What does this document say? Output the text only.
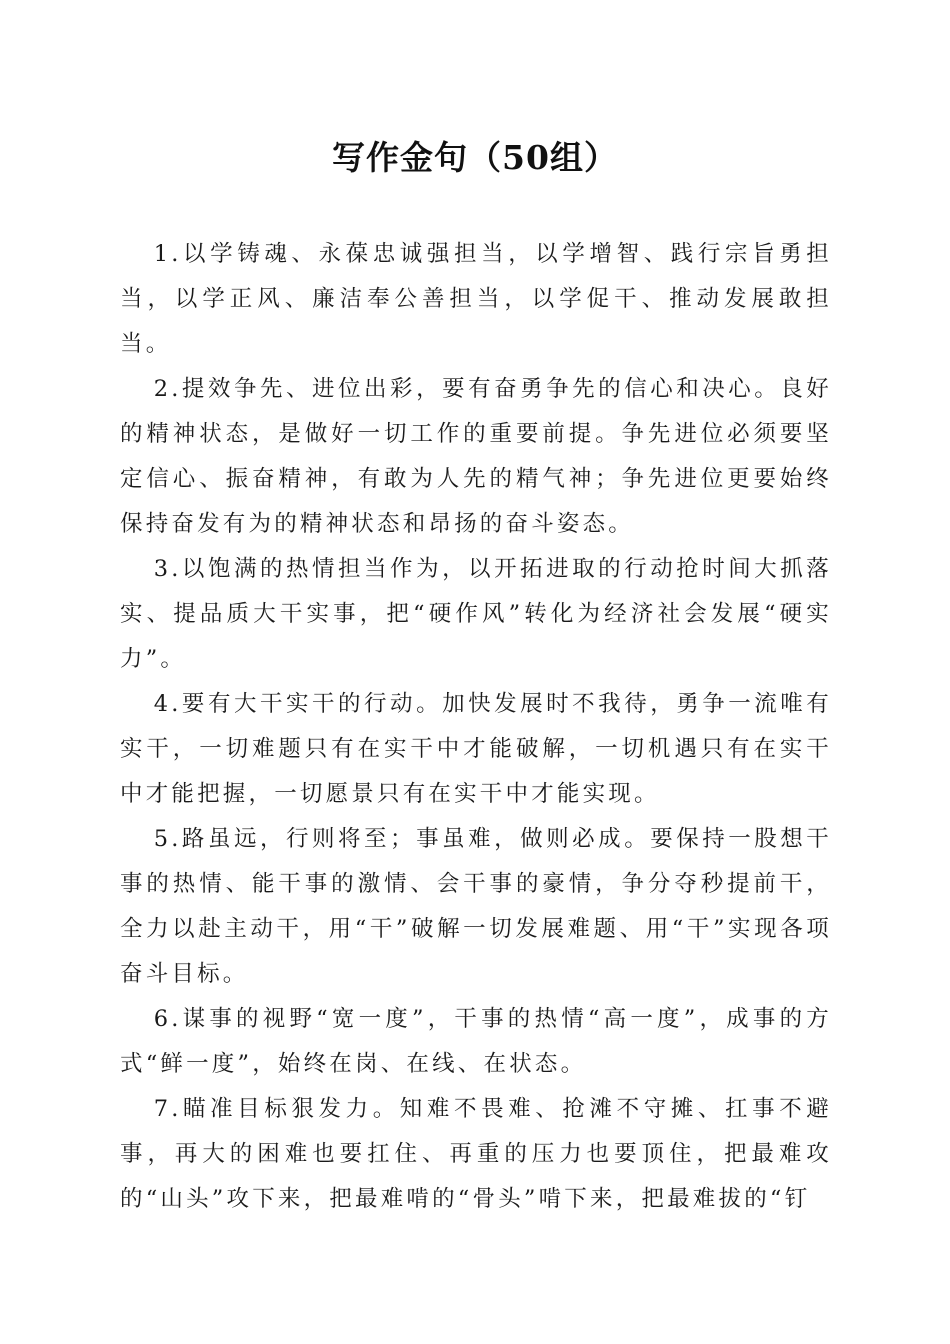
写作金句（50组）

1.以学铸魂、永葆忠诚强担当，以学增智、践行宗旨勇担当，以学正风、廉洁奉公善担当，以学促干、推动发展敢担当。

2.提效争先、进位出彩，要有奋勇争先的信心和决心。良好的精神状态，是做好一切工作的重要前提。争先进位必须要坚定信心、振奋精神，有敢为人先的精气神；争先进位更要始终保持奋发有为的精神状态和昂扬的奋斗姿态。

3.以饱满的热情担当作为，以开拓进取的行动抢时间大抓落实、提品质大干实事，把“硬作风”转化为经济社会发展“硬实力”。

4.要有大干实干的行动。加快发展时不我待，勇争一流唯有实干，一切难题只有在实干中才能破解，一切机遇只有在实干中才能把握，一切愿景只有在实干中才能实现。

5.路虽远，行则将至；事虽难，做则必成。要保持一股想干事的热情、能干事的激情、会干事的豪情，争分夺秒提前干，全力以赴主动干，用“干”破解一切发展难题、用“干”实现各项奋斗目标。

6.谋事的视野“宽一度”，干事的热情“高一度”，成事的方式“鲜一度”，始终在岗、在线、在状态。

7.瞄准目标狠发力。知难不畏难、抢滩不守摊、扛事不避事，再大的困难也要扛住、再重的压力也要顶住，把最难攻的“山头”攻下来，把最难啃的“骨头”啃下来，把最难拔的“钉
